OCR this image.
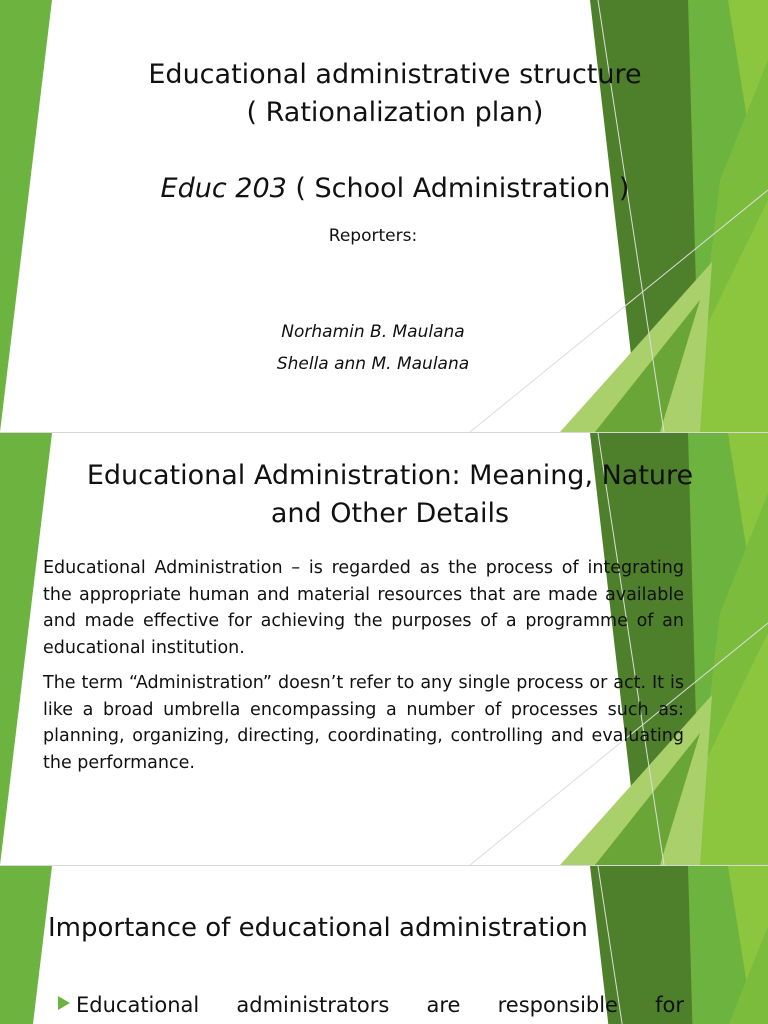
Educational administrative structure
( Rationalization plan)

Educ 203 ( School Administration )

Reporters:

Norhamin B. Maulana

Shella ann M. Maulana

Educational Administration: Meaning, Nature
and Other Details

Educational Administration – is regarded as the process of integrating the appropriate human and material resources that are made available and made effective for achieving the purposes of a programme of an educational institution.

The term “Administration” doesn’t refer to any single process or act. It is like a broad umbrella encompassing a number of processes such as: planning, organizing, directing, coordinating, controlling and evaluating the performance.

Importance of educational administration

Educational administrators are responsible for
